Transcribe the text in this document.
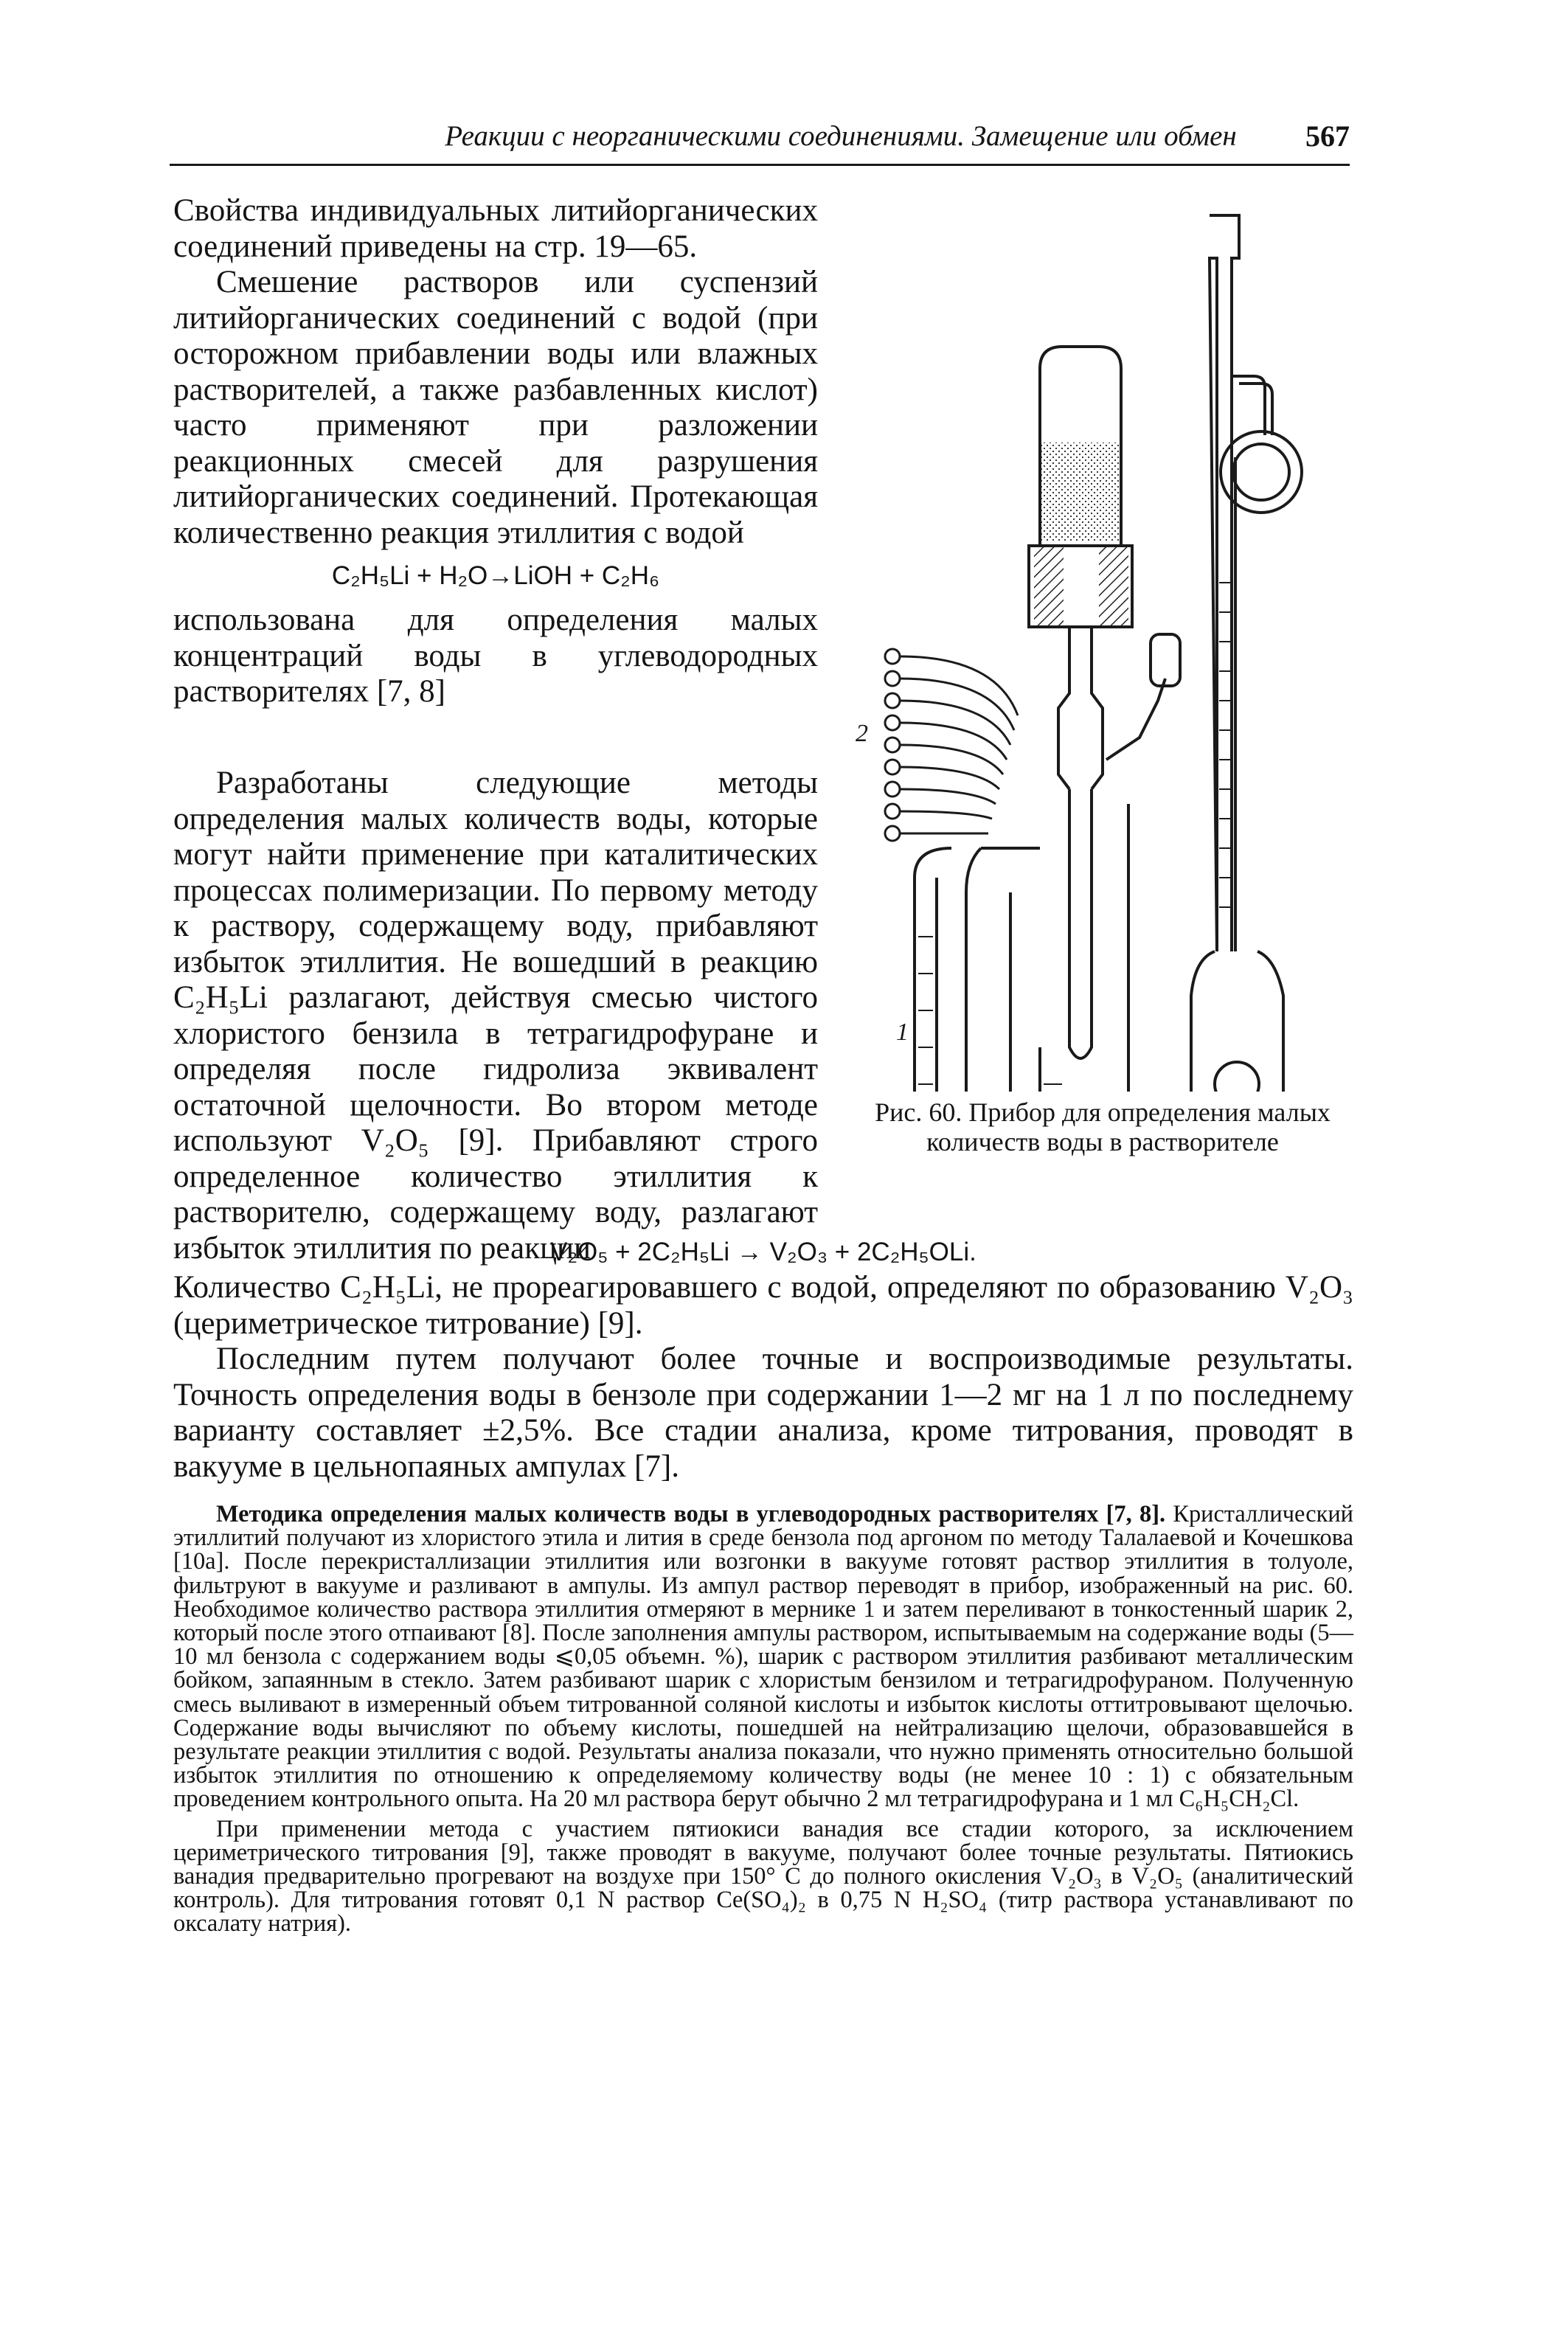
Реакции с неорганическими соединениями. Замещение или обмен	567

Свойства индивидуальных литийорганических соединений приведены на стр. 19—65.

Смешение растворов или суспензий литийорганических соединений с водой (при осторожном прибавлении воды или влажных растворителей, а также разбавленных кислот) часто применяют при разложении реакционных смесей для разрушения литийорганических соединений. Протекающая количественно реакция этиллития с водой

C₂H₅Li + H₂O→LiOH + C₂H₆

использована для определения малых концентраций воды в углеводородных растворителях [7, 8]

2
1
Рис. 60. Прибор для определения малых количеств воды в растворителе

Разработаны следующие методы определения малых количеств воды, которые могут найти применение при каталитических процессах полимеризации. По первому методу к раствору, содержащему воду, прибавляют избыток этиллития. Не вошедший в реакцию C₂H₅Li разлагают, действуя смесью чистого хлористого бензила в тетрагидрофуране и определяя после гидролиза эквивалент остаточной щелочности. Во втором методе используют V₂O₅ [9]. Прибавляют строго определенное количество этиллития к растворителю, содержащему воду, разлагают избыток этиллития по реакции

V₂O₅ + 2C₂H₅Li → V₂O₃ + 2C₂H₅OLi.

Количество C₂H₅Li, не прореагировавшего с водой, определяют по образованию V₂O₃ (цериметрическое титрование) [9].

Последним путем получают более точные и воспроизводимые результаты. Точность определения воды в бензоле при содержании 1—2 мг на 1 л по последнему варианту составляет ±2,5%. Все стадии анализа, кроме титрования, проводят в вакууме в цельнопаяных ампулах [7].

Методика определения малых количеств воды в углеводородных растворителях [7, 8]. Кристаллический этиллитий получают из хлористого этила и лития в среде бензола под аргоном по методу Талалаевой и Кочешкова [10а]. После перекристаллизации этиллития или возгонки в вакууме готовят раствор этиллития в толуоле, фильтруют в вакууме и разливают в ампулы. Из ампул раствор переводят в прибор, изображенный на рис. 60. Необходимое количество раствора этиллития отмеряют в мернике 1 и затем переливают в тонкостенный шарик 2, который после этого отпаивают [8]. После заполнения ампулы раствором, испытываемым на содержание воды (5—10 мл бензола с содержанием воды ⩽0,05 объемн. %), шарик с раствором этиллития разбивают металлическим бойком, запаянным в стекло. Затем разбивают шарик с хлористым бензилом и тетрагидрофураном. Полученную смесь выливают в измеренный объем титрованной соляной кислоты и избыток кислоты оттитровывают щелочью. Содержание воды вычисляют по объему кислоты, пошедшей на нейтрализацию щелочи, образовавшейся в результате реакции этиллития с водой. Результаты анализа показали, что нужно применять относительно большой избыток этиллития по отношению к определяемому количеству воды (не менее 10 : 1) с обязательным проведением контрольного опыта. На 20 мл раствора берут обычно 2 мл тетрагидрофурана и 1 мл C₆H₅CH₂Cl.

При применении метода с участием пятиокиси ванадия все стадии которого, за исключением цериметрического титрования [9], также проводят в вакууме, получают более точные результаты. Пятиокись ванадия предварительно прогревают на воздухе при 150° C до полного окисления V₂O₃ в V₂O₅ (аналитический контроль). Для титрования готовят 0,1 N раствор Ce(SO₄)₂ в 0,75 N H₂SO₄ (титр раствора устанавливают по оксалату натрия).
